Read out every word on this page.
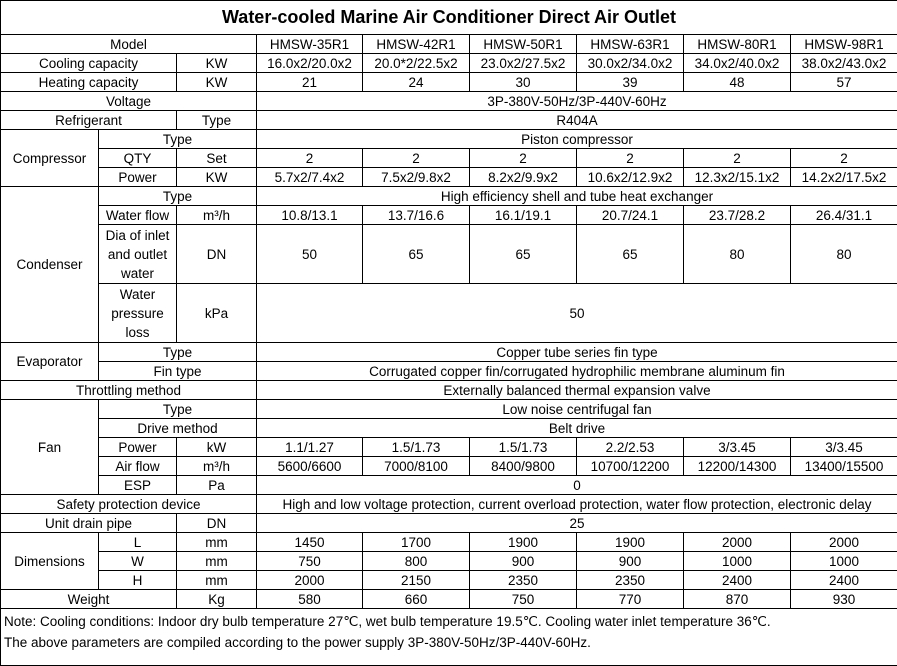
Water-cooled Marine Air Conditioner Direct Air Outlet								
Model			HMSW-35R1	HMSW-42R1	HMSW-50R1	HMSW-63R1	HMSW-80R1	HMSW-98R1
Cooling capacity		KW	16.0x2/20.0x2	20.0*2/22.5x2	23.0x2/27.5x2	30.0x2/34.0x2	34.0x2/40.0x2	38.0x2/43.0x2
Heating capacity		KW	21	24	30	39	48	57
Voltage			3P-380V-50Hz/3P-440V-60Hz					
Refrigerant		Type	R404A					
Compressor	Type		Piston compressor					
	QTY	Set	2	2	2	2	2	2
	Power	KW	5.7x2/7.4x2	7.5x2/9.8x2	8.2x2/9.9x2	10.6x2/12.9x2	12.3x2/15.1x2	14.2x2/17.5x2
Condenser	Type		High efficiency shell and tube heat exchanger					
	Water flow	m³/h	10.8/13.1	13.7/16.6	16.1/19.1	20.7/24.1	23.7/28.2	26.4/31.1
	Dia of inlet and outlet water	DN	50	65	65	65	80	80
	Water pressure loss	kPa	50					
Evaporator	Type		Copper tube series fin type					
	Fin type		Corrugated copper fin/corrugated hydrophilic membrane aluminum fin					
Throttling method			Externally balanced thermal expansion valve					
Fan	Type		Low noise centrifugal fan					
	Drive method		Belt drive					
	Power	kW	1.1/1.27	1.5/1.73	1.5/1.73	2.2/2.53	3/3.45	3/3.45
	Air flow	m³/h	5600/6600	7000/8100	8400/9800	10700/12200	12200/14300	13400/15500
	ESP	Pa	0					
Safety protection device			High and low voltage protection, current overload protection, water flow protection, electronic delay					
Unit drain pipe		DN	25					
Dimensions	L	mm	1450	1700	1900	1900	2000	2000
	W	mm	750	800	900	900	1000	1000
	H	mm	2000	2150	2350	2350	2400	2400
Weight		Kg	580	660	750	770	870	930

Note: Cooling conditions: Indoor dry bulb temperature 27℃, wet bulb temperature 19.5℃. Cooling water inlet temperature 36℃.
The above parameters are compiled according to the power supply 3P-380V-50Hz/3P-440V-60Hz.								
